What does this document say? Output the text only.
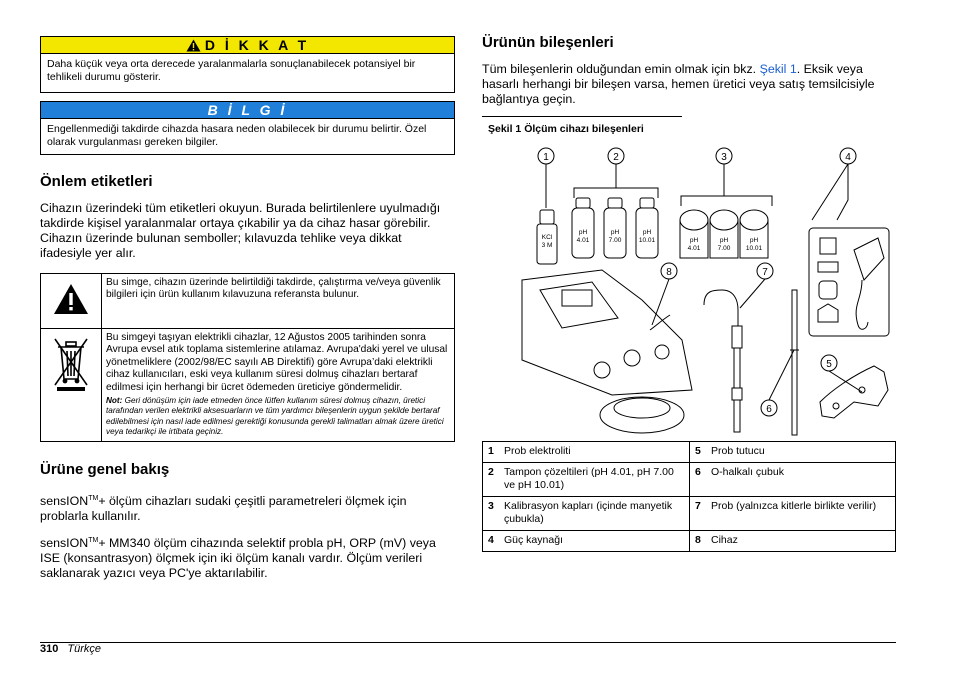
D İ K K A T
Daha küçük veya orta derecede yaralanmalarla sonuçlanabilecek potansiyel bir tehlikeli durumu gösterir.
B İ L G İ
Engellenmediği takdirde cihazda hasara neden olabilecek bir durumu belirtir. Özel olarak vurgulanması gereken bilgiler.
Önlem etiketleri

Cihazın üzerindeki tüm etiketleri okuyun. Burada belirtilenlere uyulmadığı takdirde kişisel yaralanmalar ortaya çıkabilir ya da cihaz hasar görebilir. Cihazın üzerinde bulunan semboller; kılavuzda tehlike veya dikkat ifadesiyle yer alır.

	Bu simge, cihazın üzerinde belirtildiği takdirde, çalıştırma ve/veya güvenlik bilgileri için ürün kullanım kılavuzuna referansta bulunur.

Bu simgeyi taşıyan elektrikli cihazlar, 12 Ağustos 2005 tarihinden sonra Avrupa evsel atık toplama sistemlerine atılamaz. Avrupa'daki yerel ve ulusal yönetmeliklere (2002/98/EC sayılı AB Direktifi) göre Avrupa’daki elektrikli cihaz kullanıcıları, eski veya kullanım süresi dolmuş cihazları bertaraf edilmesi için herhangi bir ücret ödemeden üreticiye göndermelidir.
Not: Geri dönüşüm için iade etmeden önce lütfen kullanım süresi dolmuş cihazın, üretici tarafından verilen elektrikli aksesuarların ve tüm yardımcı bileşenlerin uygun şekilde bertaraf edilebilmesi için nasıl iade edilmesi gerektiği konusunda gerekli talimatları almak üzere üretici veya tedarikçi ile irtibata geçiniz.
Ürüne genel bakış

sensION™+ ölçüm cihazları sudaki çeşitli parametreleri ölçmek için problarla kullanılır.

sensION™+ MM340 ölçüm cihazında selektif probla pH, ORP (mV) veya ISE (konsantrasyon) ölçmek için iki ölçüm kanalı vardır. Ölçüm verileri saklanarak yazıcı veya PC'ye aktarılabilir.

Ürünün bileşenleri

Tüm bileşenlerin olduğundan emin olmak için bkz. Şekil 1. Eksik veya hasarlı herhangi bir bileşen varsa, hemen üretici veya satış temsilcisiyle bağlantıya geçin.

Şekil 1 Ölçüm cihazı bileşenleri
1	2	3	4
5
6
7
8
KCl
3 M
pH
4.01
pH
7.00
pH
10.01	pH
4.01
pH
7.00
pH
10.01
1	Prob elektroliti	5	Prob tutucu
2	Tampon çözeltileri (pH 4.01, pH 7.00 ve pH 10.01)	6	O-halkalı çubuk
3	Kalibrasyon kapları (içinde manyetik çubukla)	7	Prob (yalnızca kitlerle birlikte verilir)
4	Güç kaynağı	8	Cihaz
310 Türkçe
